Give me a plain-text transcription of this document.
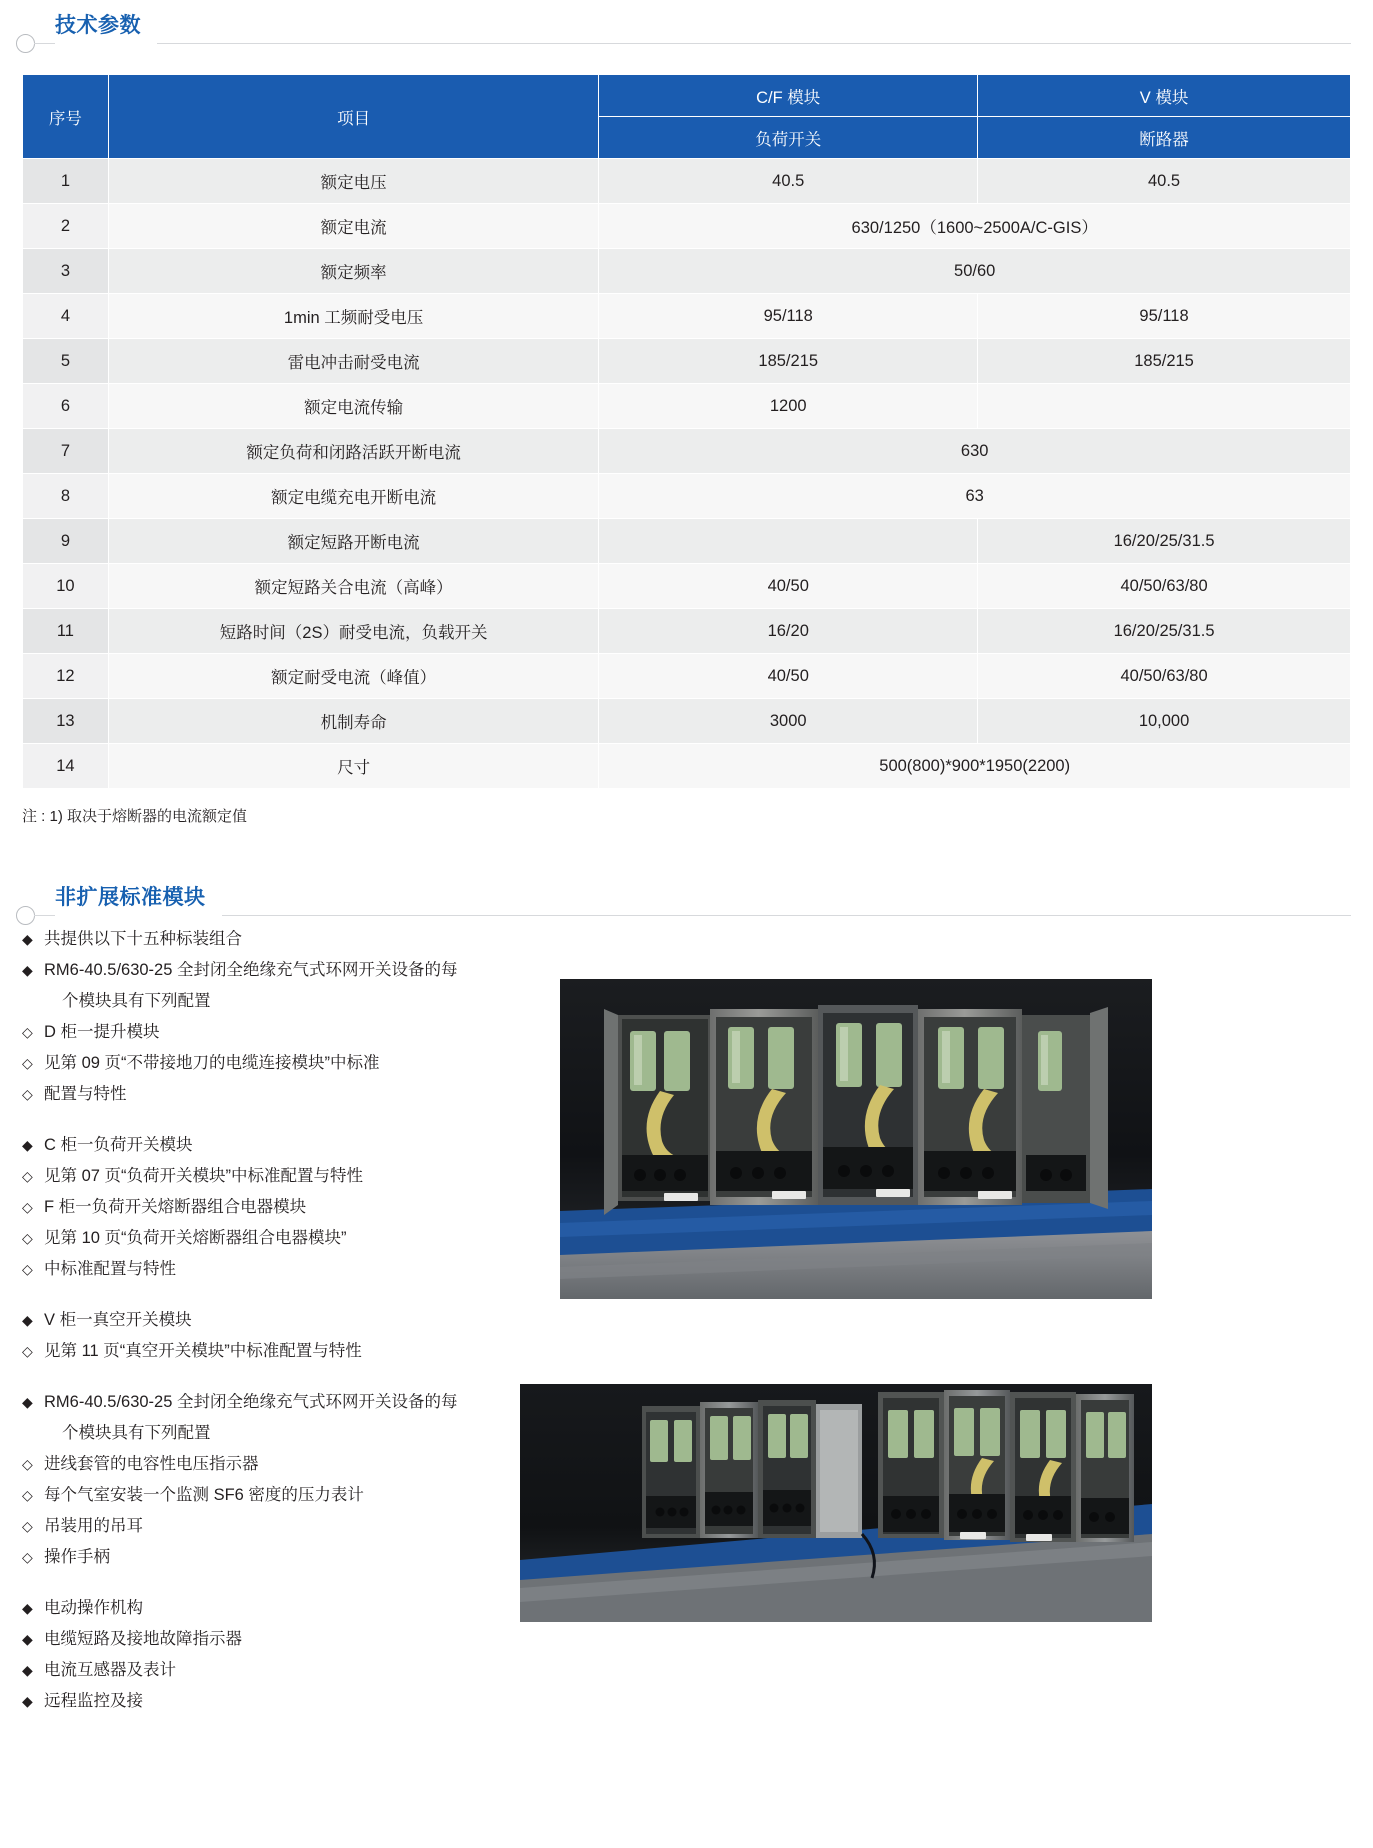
技术参数
序号	项目	C/F 模块	V 模块
		负荷开关	断路器
1	额定电压	40.5	40.5
2	额定电流	630/1250（1600~2500A/C-GIS）	
3	额定频率	50/60	
4	1min 工频耐受电压	95/118	95/118
5	雷电冲击耐受电流	185/215	185/215
6	额定电流传输	1200	
7	额定负荷和闭路活跃开断电流	630	
8	额定电缆充电开断电流	63	
9	额定短路开断电流		16/20/25/31.5
10	额定短路关合电流（高峰）	40/50	40/50/63/80
11	短路时间（2S）耐受电流，负载开关	16/20	16/20/25/31.5
12	额定耐受电流（峰值）	40/50	40/50/63/80
13	机制寿命	3000	10,000
14	尺寸	500(800)*900*1950(2200)	
注 : 1) 取决于熔断器的电流额定值
非扩展标准模块
◆ 共提供以下十五种标装组合
◆ RM6-40.5/630-25 全封闭全绝缘充气式环网开关设备的每
个模块具有下列配置
◇ D 柜一提升模块
◇ 见第 09 页“不带接地刀的电缆连接模块”中标准
◇ 配置与特性
◆ C 柜一负荷开关模块
◇ 见第 07 页“负荷开关模块”中标准配置与特性
◇ F 柜一负荷开关熔断器组合电器模块
◇ 见第 10 页“负荷开关熔断器组合电器模块”
◇ 中标准配置与特性
◆ V 柜一真空开关模块
◇ 见第 11 页“真空开关模块”中标准配置与特性
◆ RM6-40.5/630-25 全封闭全绝缘充气式环网开关设备的每
个模块具有下列配置
◇ 进线套管的电容性电压指示器
◇ 每个气室安装一个监测 SF6 密度的压力表计
◇ 吊装用的吊耳
◇ 操作手柄
◆ 电动操作机构
◆ 电缆短路及接地故障指示器
◆ 电流互感器及表计
◆ 远程监控及接
